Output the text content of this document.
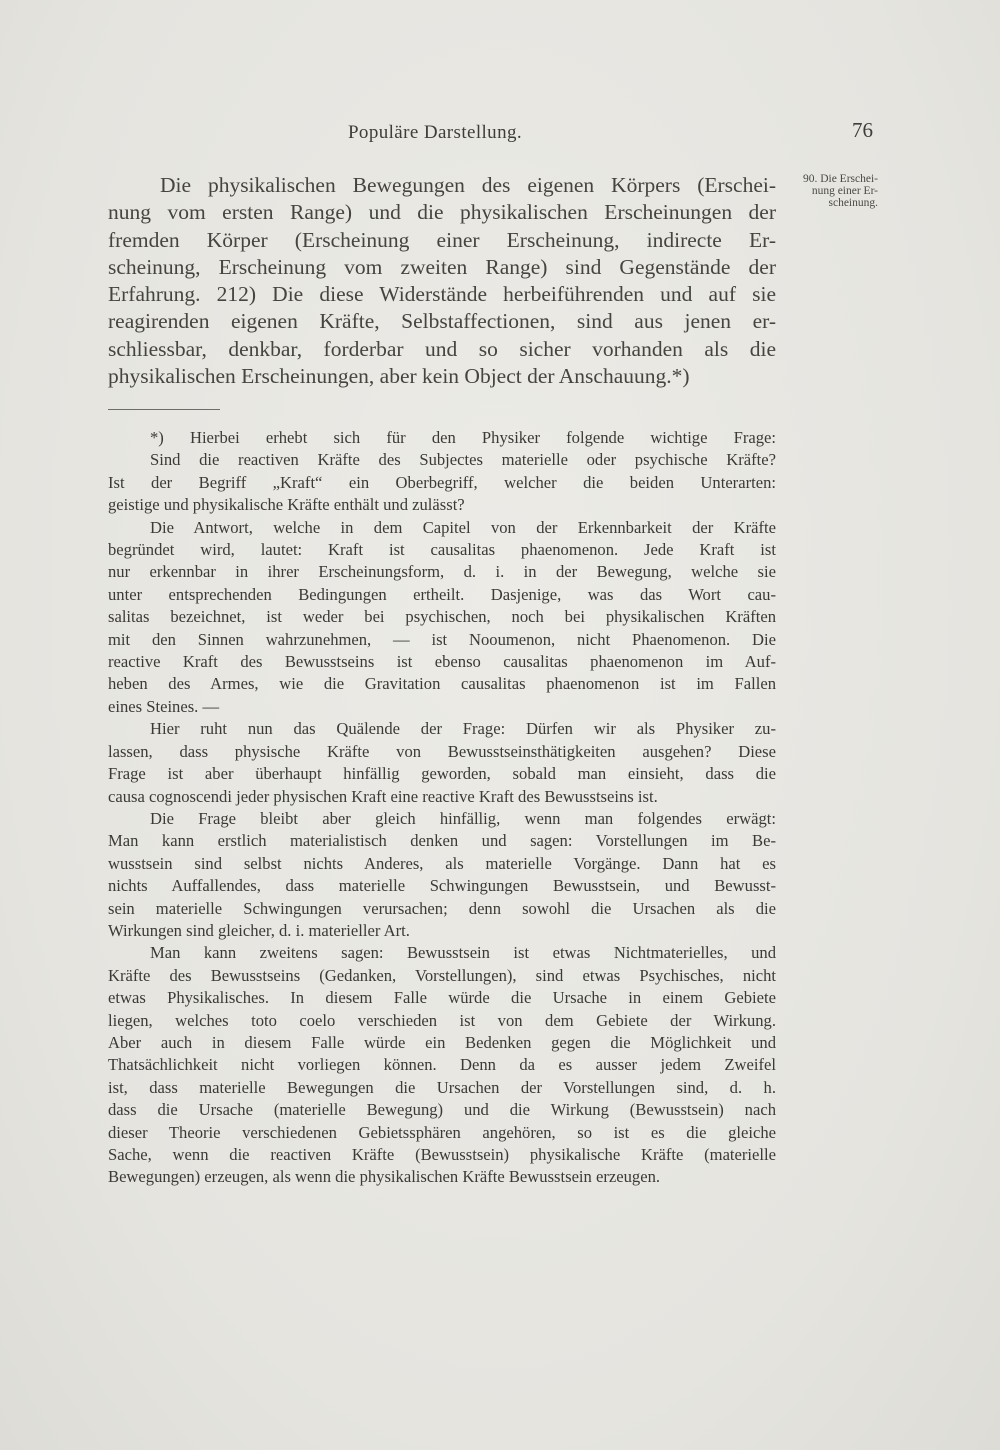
Populäre Darstellung.	76
90. Die Erschei-
nung einer Er-
scheinung.
Die physikalischen Bewegungen des eigenen Körpers (Erschei-
nung vom ersten Range) und die physikalischen Erscheinungen der
fremden Körper (Erscheinung einer Erscheinung, indirecte Er-
scheinung, Erscheinung vom zweiten Range) sind Gegenstände der
Erfahrung. 212) Die diese Widerstände herbeiführenden und auf sie
reagirenden eigenen Kräfte, Selbstaffectionen, sind aus jenen er-
schliessbar, denkbar, forderbar und so sicher vorhanden als die
physikalischen Erscheinungen, aber kein Object der Anschauung.*)

*) Hierbei erhebt sich für den Physiker folgende wichtige Frage:
Sind die reactiven Kräfte des Subjectes materielle oder psychische Kräfte?
Ist der Begriff „Kraft“ ein Oberbegriff, welcher die beiden Unterarten:
geistige und physikalische Kräfte enthält und zulässt?

Die Antwort, welche in dem Capitel von der Erkennbarkeit der Kräfte
begründet wird, lautet: Kraft ist causalitas phaenomenon. Jede Kraft ist
nur erkennbar in ihrer Erscheinungsform, d. i. in der Bewegung, welche sie
unter entsprechenden Bedingungen ertheilt. Dasjenige, was das Wort cau-
salitas bezeichnet, ist weder bei psychischen, noch bei physikalischen Kräften
mit den Sinnen wahrzunehmen, — ist Nooumenon, nicht Phaenomenon. Die
reactive Kraft des Bewusstseins ist ebenso causalitas phaenomenon im Auf-
heben des Armes, wie die Gravitation causalitas phaenomenon ist im Fallen
eines Steines. —

Hier ruht nun das Quälende der Frage: Dürfen wir als Physiker zu-
lassen, dass physische Kräfte von Bewusstseinsthätigkeiten ausgehen? Diese
Frage ist aber überhaupt hinfällig geworden, sobald man einsieht, dass die
causa cognoscendi jeder physischen Kraft eine reactive Kraft des Bewusstseins ist.

Die Frage bleibt aber gleich hinfällig, wenn man folgendes erwägt:
Man kann erstlich materialistisch denken und sagen: Vorstellungen im Be-
wusstsein sind selbst nichts Anderes, als materielle Vorgänge. Dann hat es
nichts Auffallendes, dass materielle Schwingungen Bewusstsein, und Bewusst-
sein materielle Schwingungen verursachen; denn sowohl die Ursachen als die
Wirkungen sind gleicher, d. i. materieller Art.

Man kann zweitens sagen: Bewusstsein ist etwas Nichtmaterielles, und
Kräfte des Bewusstseins (Gedanken, Vorstellungen), sind etwas Psychisches, nicht
etwas Physikalisches. In diesem Falle würde die Ursache in einem Gebiete
liegen, welches toto coelo verschieden ist von dem Gebiete der Wirkung.
Aber auch in diesem Falle würde ein Bedenken gegen die Möglichkeit und
Thatsächlichkeit nicht vorliegen können. Denn da es ausser jedem Zweifel
ist, dass materielle Bewegungen die Ursachen der Vorstellungen sind, d. h.
dass die Ursache (materielle Bewegung) und die Wirkung (Bewusstsein) nach
dieser Theorie verschiedenen Gebietssphären angehören, so ist es die gleiche
Sache, wenn die reactiven Kräfte (Bewusstsein) physikalische Kräfte (materielle
Bewegungen) erzeugen, als wenn die physikalischen Kräfte Bewusstsein erzeugen.
